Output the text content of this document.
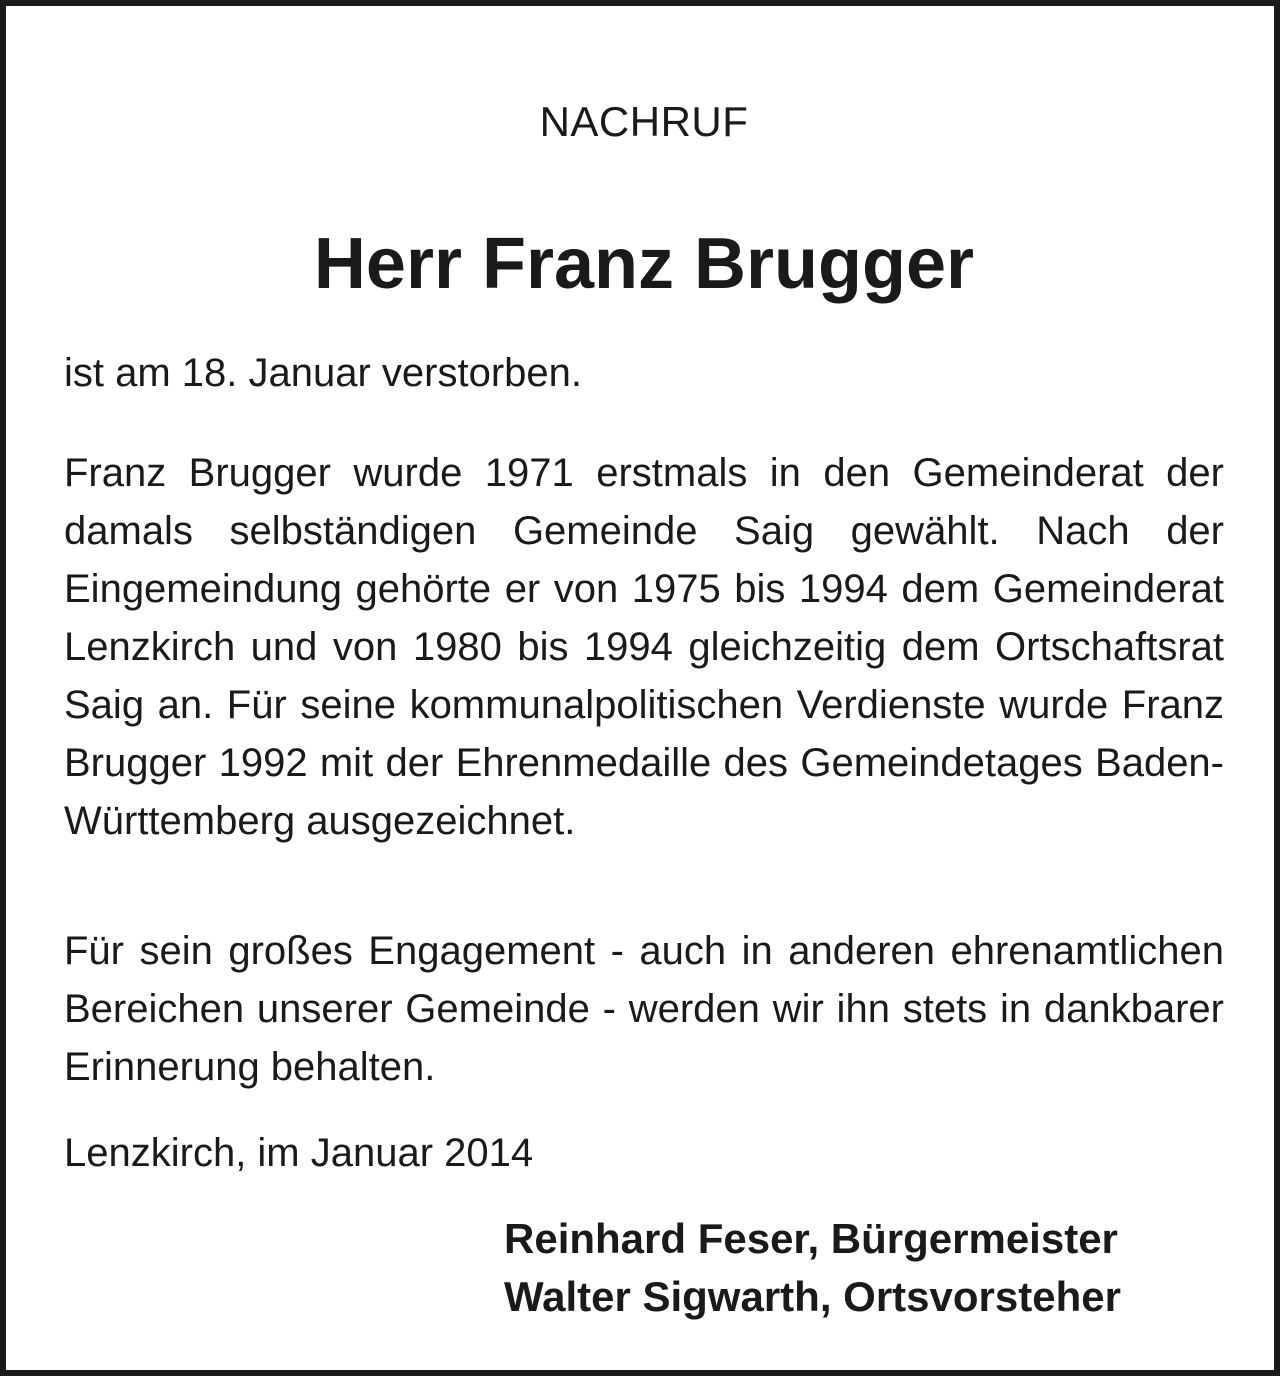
NACHRUF
Herr Franz Brugger

ist am 18. Januar verstorben.

Franz Brugger wurde 1971 erstmals in den Gemeinderat der damals selbständigen Gemeinde Saig gewählt. Nach der Eingemeindung gehörte er von 1975 bis 1994 dem Gemeinderat Lenzkirch und von 1980 bis 1994 gleichzeitig dem Ortschaftsrat Saig an. Für seine kommunalpolitischen Verdienste wurde Franz Brugger 1992 mit der Ehrenmedaille des Gemeindetages Baden-Württemberg ausgezeichnet.

Für sein großes Engagement - auch in anderen ehrenamtlichen Bereichen unserer Gemeinde - werden wir ihn stets in dankbarer Erinnerung behalten.

Lenzkirch, im Januar 2014

Reinhard Feser, Bürgermeister
Walter Sigwarth, Ortsvorsteher
